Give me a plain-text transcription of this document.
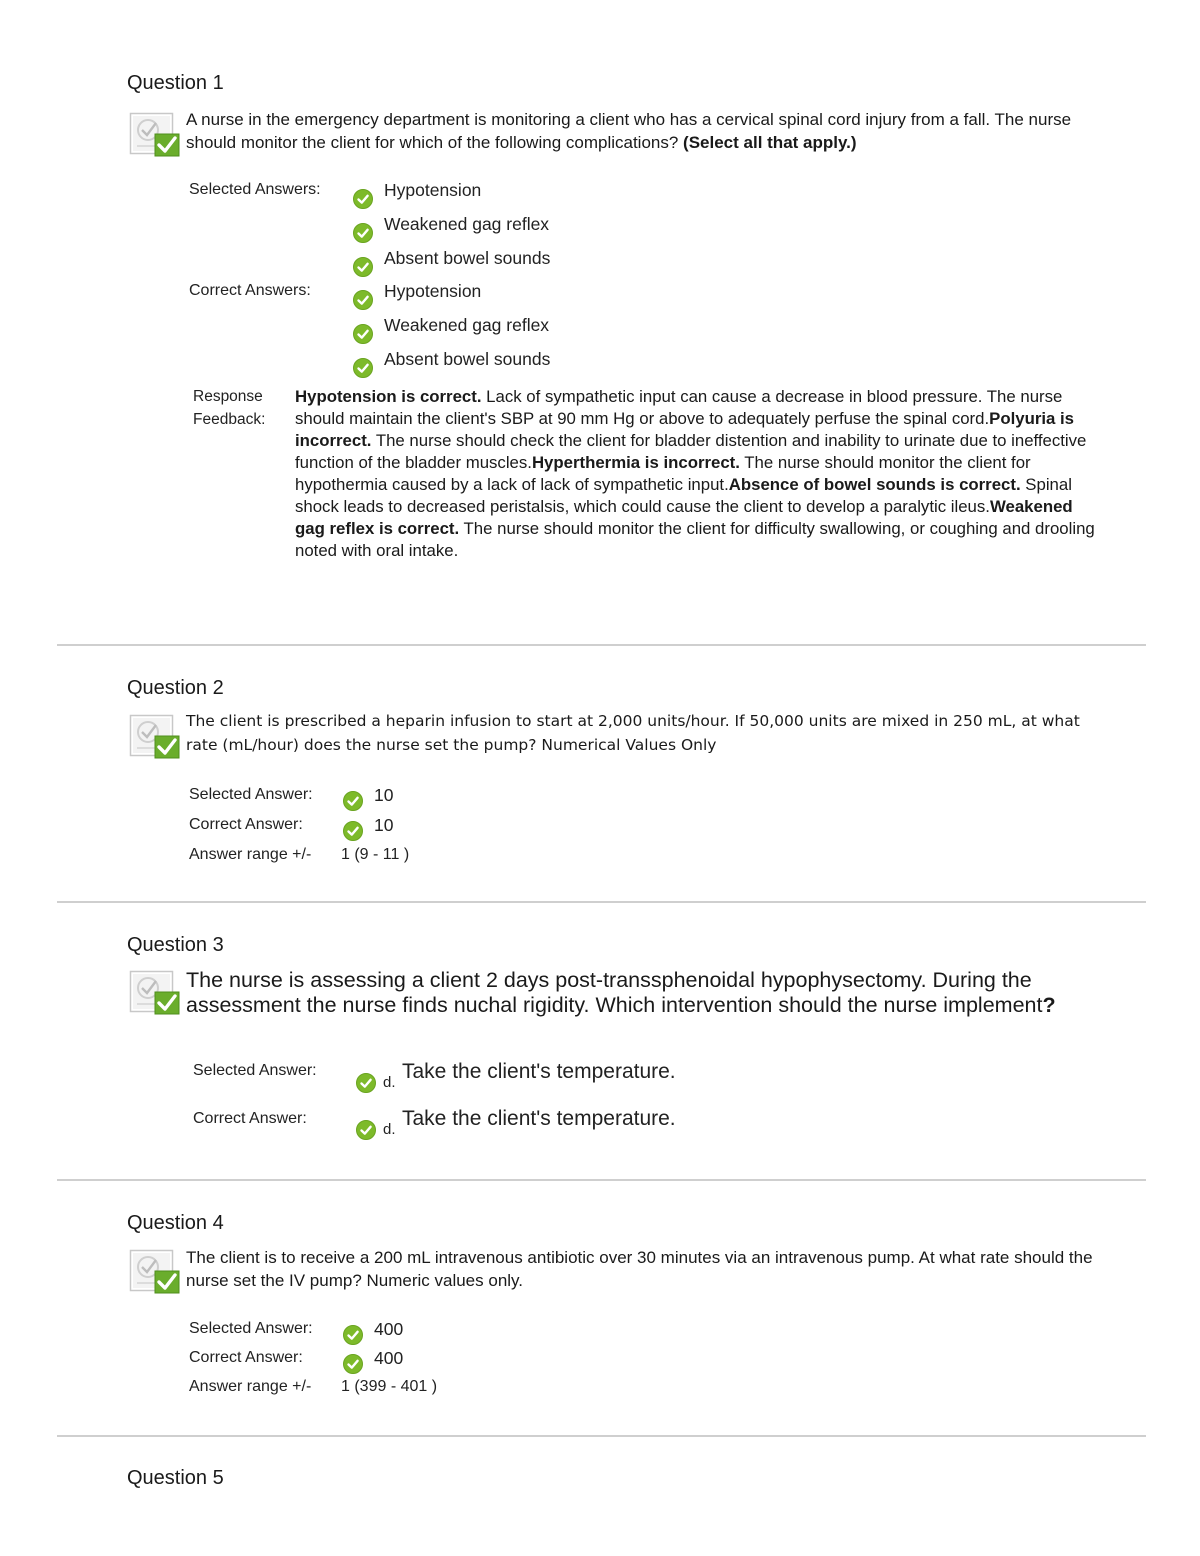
Question 1
A nurse in the emergency department is monitoring a client who has a cervical spinal cord injury from a fall. The nurse should monitor the client for which of the following complications? (Select all that apply.)
Selected Answers:	Hypotension
Weakened gag reflex
Absent bowel sounds
Correct Answers:	Hypotension
Weakened gag reflex
Absent bowel sounds
Response
Feedback:
Hypotension is correct. Lack of sympathetic input can cause a decrease in blood pressure. The nurse should maintain the client's SBP at 90 mm Hg or above to adequately perfuse the spinal cord.Polyuria is incorrect. The nurse should check the client for bladder distention and inability to urinate due to ineffective function of the bladder muscles.Hyperthermia is incorrect. The nurse should monitor the client for hypothermia caused by a lack of lack of sympathetic input.Absence of bowel sounds is correct. Spinal shock leads to decreased peristalsis, which could cause the client to develop a paralytic ileus.Weakened gag reflex is correct. The nurse should monitor the client for difficulty swallowing, or coughing and drooling noted with oral intake.
Question 2
The client is prescribed a heparin infusion to start at 2,000 units/hour. If 50,000 units are mixed in 250 mL, at what rate (mL/hour) does the nurse set the pump? Numerical Values Only
Selected Answer:	10
Correct Answer:	10
Answer range +/- 1 (9 - 11 )
Question 3
The nurse is assessing a client 2 days post-transsphenoidal hypophysectomy. During the assessment the nurse finds nuchal rigidity. Which intervention should the nurse implement?
Selected Answer:
d. Take the client's temperature.
Correct Answer:
d. Take the client's temperature.
Question 4
The client is to receive a 200 mL intravenous antibiotic over 30 minutes via an intravenous pump. At what rate should the nurse set the IV pump? Numeric values only.
Selected Answer:	400
Correct Answer:	400
Answer range +/- 1 (399 - 401 )
Question 5
